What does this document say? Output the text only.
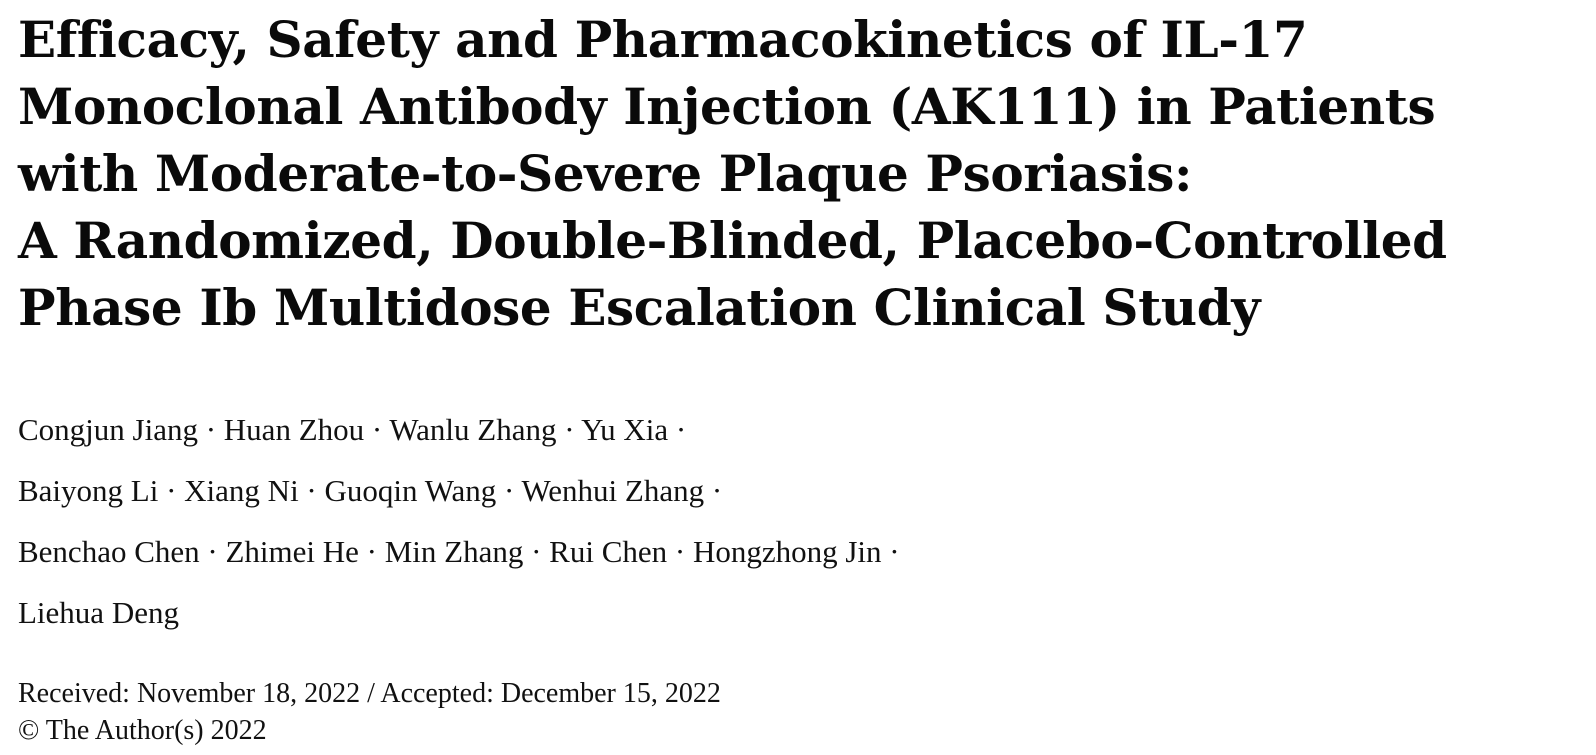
Efficacy, Safety and Pharmacokinetics of IL-17
Monoclonal Antibody Injection (AK111) in Patients
with Moderate-to-Severe Plaque Psoriasis:
A Randomized, Double-Blinded, Placebo-Controlled
Phase Ib Multidose Escalation Clinical Study
Congjun Jiang · Huan Zhou · Wanlu Zhang · Yu Xia ·
Baiyong Li · Xiang Ni · Guoqin Wang · Wenhui Zhang ·
Benchao Chen · Zhimei He · Min Zhang · Rui Chen · Hongzhong Jin ·
Liehua Deng
Received: November 18, 2022 / Accepted: December 15, 2022
© The Author(s) 2022
